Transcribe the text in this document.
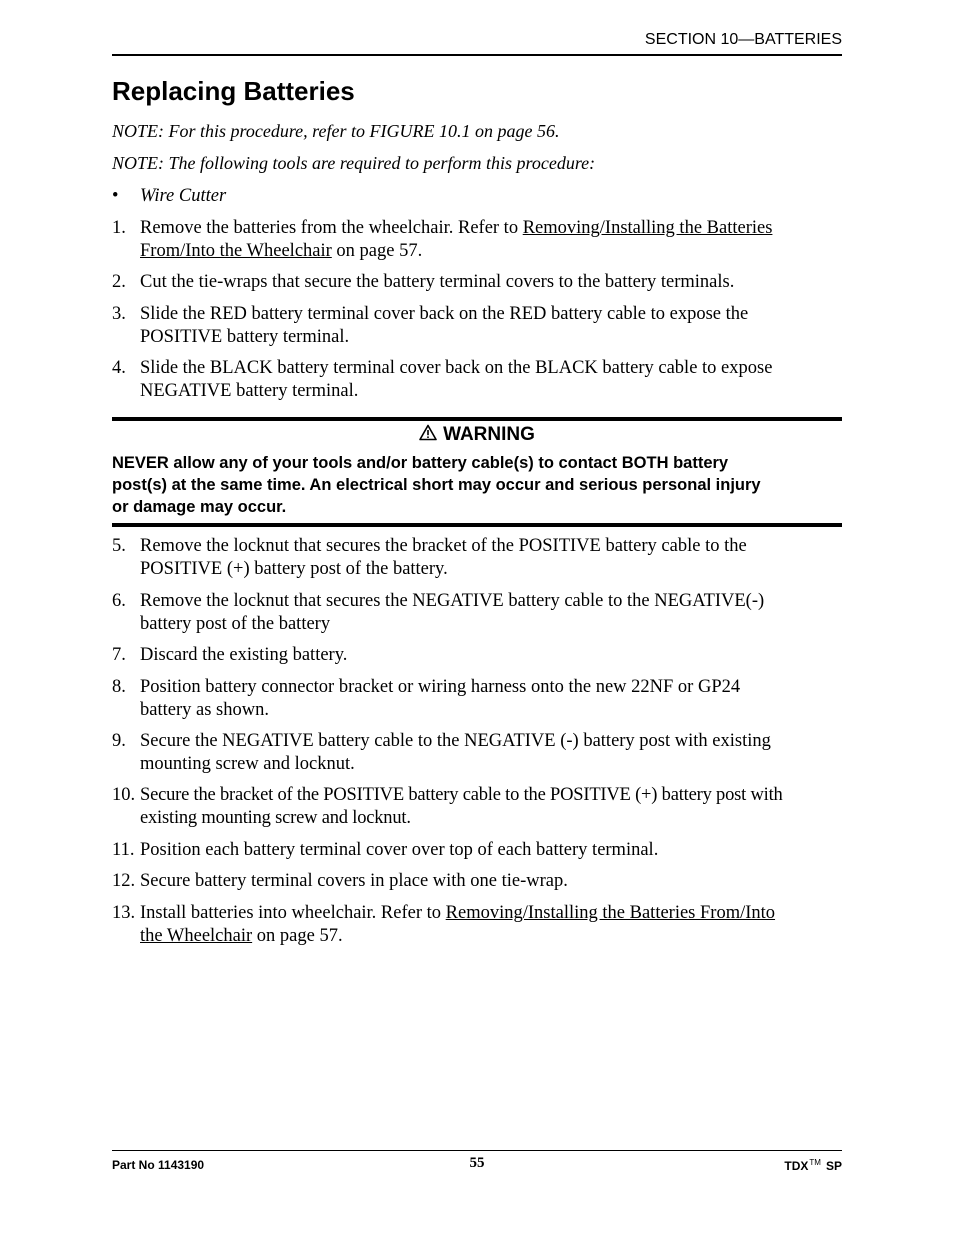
SECTION 10—BATTERIES
Replacing Batteries
NOTE: For this procedure, refer to FIGURE 10.1 on page 56.
NOTE: The following tools are required to perform this procedure:
• Wire Cutter
1. Remove the batteries from the wheelchair. Refer to Removing/Installing the Batteries
From/Into the Wheelchair on page 57.
2. Cut the tie-wraps that secure the battery terminal covers to the battery terminals.
3. Slide the RED battery terminal cover back on the RED battery cable to expose the
POSITIVE battery terminal.
4. Slide the BLACK battery terminal cover back on the BLACK battery cable to expose
NEGATIVE battery terminal.
WARNING
NEVER allow any of your tools and/or battery cable(s) to contact BOTH battery
post(s) at the same time. An electrical short may occur and serious personal injury
or damage may occur.
5. Remove the locknut that secures the bracket of the POSITIVE battery cable to the
POSITIVE (+) battery post of the battery.
6. Remove the locknut that secures the NEGATIVE battery cable to the NEGATIVE(-)
battery post of the battery
7. Discard the existing battery.
8. Position battery connector bracket or wiring harness onto the new 22NF or GP24
battery as shown.
9. Secure the NEGATIVE battery cable to the NEGATIVE (-) battery post with existing
mounting screw and locknut.
10. Secure the bracket of the POSITIVE battery cable to the POSITIVE (+) battery post with
existing mounting screw and locknut.
11. Position each battery terminal cover over top of each battery terminal.
12. Secure battery terminal covers in place with one tie-wrap.
13. Install batteries into wheelchair. Refer to Removing/Installing the Batteries From/Into
the Wheelchair on page 57.
Part No 1143190	55	TDX™ SP
